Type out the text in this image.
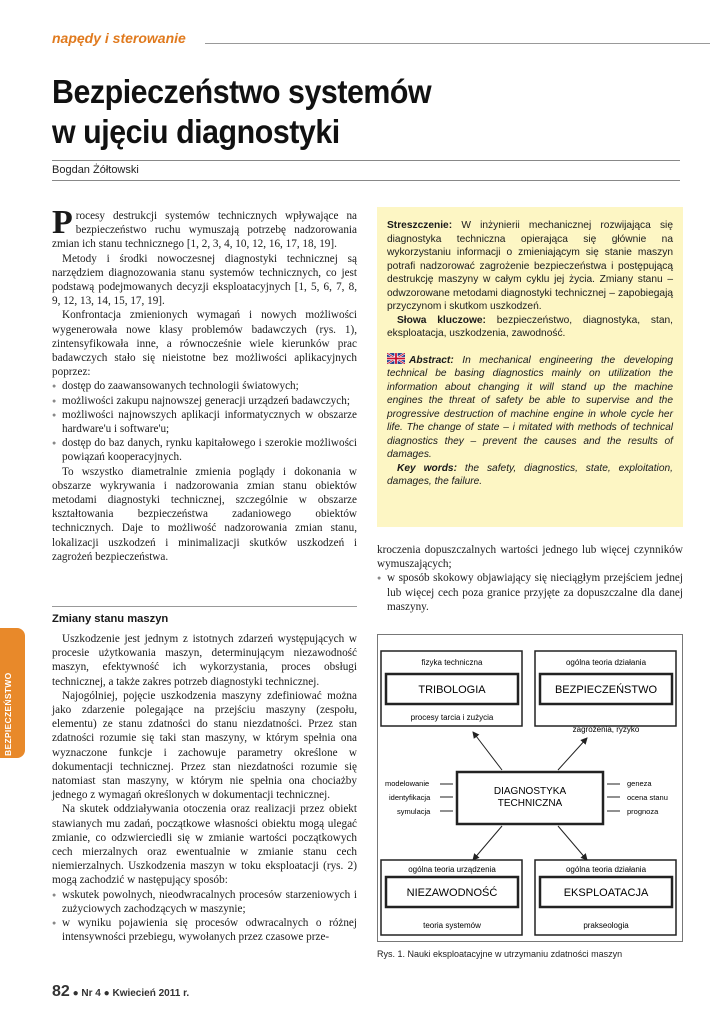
napędy i sterowanie
Bezpieczeństwo systemów
w ujęciu diagnostyki
Bogdan Żółtowski

Procesy destrukcji systemów technicznych wpływające na bezpieczeństwo ruchu wymuszają potrzebę nadzorowania zmian ich stanu technicznego [1, 2, 3, 4, 10, 12, 16, 17, 18, 19].

Metody i środki nowoczesnej diagnostyki technicznej są narzędziem diagnozowania stanu systemów technicznych, co jest podstawą podejmowanych decyzji eksploatacyjnych [1, 5, 6, 7, 8, 9, 12, 13, 14, 15, 17, 19].

Konfrontacja zmienionych wymagań i nowych możliwości wygenerowała nowe klasy problemów badawczych (rys. 1), zintensyfikowała inne, a równocześnie wiele kierunków prac badawczych stało się nieistotne bez możliwości aplikacyjnych poprzez:

● dostęp do zaawansowanych technologii światowych;
● możliwości zakupu najnowszej generacji urządzeń badawczych;
● możliwości najnowszych aplikacji informatycznych w obszarze hardware'u i software'u;
● dostęp do baz danych, rynku kapitałowego i szerokie możliwości powiązań kooperacyjnych.

To wszystko diametralnie zmienia poglądy i dokonania w obszarze wykrywania i nadzorowania zmian stanu obiektów metodami diagnostyki technicznej, szczególnie w obszarze kształtowania bezpieczeństwa zadaniowego obiektów technicznych. Daje to możliwość nadzorowania zmian stanu, lokalizacji uszkodzeń i minimalizacji skutków uszkodzeń i zagrożeń bezpieczeństwa.

Zmiany stanu maszyn
BEZPIECZEŃSTWO

Uszkodzenie jest jednym z istotnych zdarzeń występujących w procesie użytkowania maszyn, determinującym niezawodność maszyn, efektywność ich wykorzystania, proces obsługi technicznej, a także zakres potrzeb diagnostyki technicznej.

Najogólniej, pojęcie uszkodzenia maszyny zdefiniować można jako zdarzenie polegające na przejściu maszyny (zespołu, elementu) ze stanu zdatności do stanu niezdatności. Przez stan zdatności rozumie się taki stan maszyny, w którym spełnia ona wyznaczone funkcje i zachowuje parametry określone w dokumentacji technicznej. Przez stan niezdatności rozumie się natomiast stan maszyny, w którym nie spełnia ona chociażby jednego z wymagań określonych w dokumentacji technicznej.

Na skutek oddziaływania otoczenia oraz realizacji przez obiekt stawianych mu zadań, początkowe własności obiektu mogą ulegać zmianie, co odzwierciedli się w zmianie wartości początkowych cech mierzalnych oraz ewentualnie w zmianie stanu cech niemierzalnych. Uszkodzenia maszyn w toku eksploatacji (rys. 2) mogą zachodzić w następujący sposób:

● wskutek powolnych, nieodwracalnych procesów starzeniowych i zużyciowych zachodzących w maszynie;
● w wyniku pojawienia się procesów odwracalnych o różnej intensywności przebiegu, wywołanych przez czasowe prze-

Streszczenie: W inżynierii mechanicznej rozwijająca się diagnostyka techniczna opierająca się głównie na wykorzystaniu informacji o zmieniającym się stanie maszyn potrafi nadzorować zagrożenie bezpieczeństwa i postępującą destrukcję maszyny w całym cyklu jej życia. Zmiany stanu – odwzorowane metodami diagnostyki technicznej – zapobiegają przyczynom i skutkom uszkodzeń.

Słowa kluczowe: bezpieczeństwo, diagnostyka, stan, eksploatacja, uszkodzenia, zawodność.

Abstract: In mechanical engineering the developing technical be basing diagnostics mainly on utilization the information about changing it will stand up the machine engines the threat of safety be able to supervise and the progressive destruction of machine engine in whole cycle her life. The change of state – i mitated with methods of technical diagnostics they – prevent the causes and the results of damages.

Key words: the safety, diagnostics, state, exploitation, damages, the failure.

kroczenia dopuszczalnych wartości jednego lub więcej czynników wymuszających;

● w sposób skokowy objawiający się nieciągłym przejściem jednej lub więcej cech poza granice przyjęte za dopuszczalne dla danej maszyny.
fizyka techniczna
TRIBOLOGIA
procesy tarcia i zużycia
ogólna teoria działania
BEZPIECZEŃSTWO
zagrożenia, ryzyko
DIAGNOSTYKA
TECHNICZNA
modelowanie
identyfikacja
symulacja
geneza
ocena stanu
prognoza
ogólna teoria urządzenia
NIEZAWODNOŚĆ
teoria systemów
ogólna teoria działania
EKSPLOATACJA
prakseologia
Rys. 1. Nauki eksploatacyjne w utrzymaniu zdatności maszyn
82 ● Nr 4 ● Kwiecień 2011 r.
